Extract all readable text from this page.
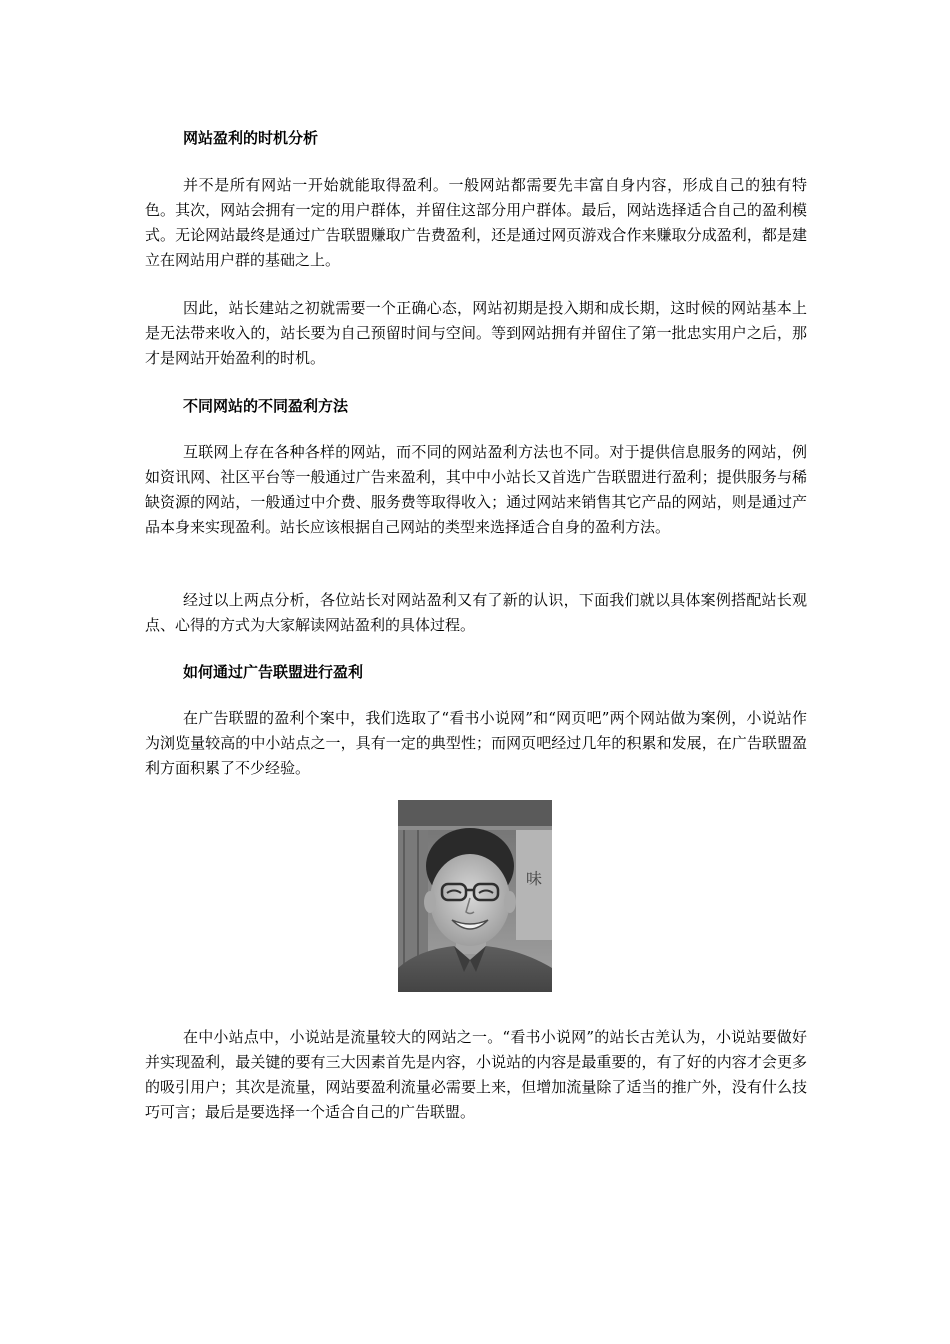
网站盈利的时机分析

并不是所有网站一开始就能取得盈利。一般网站都需要先丰富自身内容，形成自己的独有特色。其次，网站会拥有一定的用户群体，并留住这部分用户群体。最后，网站选择适合自己的盈利模式。无论网站最终是通过广告联盟赚取广告费盈利，还是通过网页游戏合作来赚取分成盈利，都是建立在网站用户群的基础之上。

因此，站长建站之初就需要一个正确心态，网站初期是投入期和成长期，这时候的网站基本上是无法带来收入的，站长要为自己预留时间与空间。等到网站拥有并留住了第一批忠实用户之后，那才是网站开始盈利的时机。

不同网站的不同盈利方法

互联网上存在各种各样的网站，而不同的网站盈利方法也不同。对于提供信息服务的网站，例如资讯网、社区平台等一般通过广告来盈利，其中中小站长又首选广告联盟进行盈利；提供服务与稀缺资源的网站，一般通过中介费、服务费等取得收入；通过网站来销售其它产品的网站，则是通过产品本身来实现盈利。站长应该根据自己网站的类型来选择适合自身的盈利方法。

经过以上两点分析，各位站长对网站盈利又有了新的认识，下面我们就以具体案例搭配站长观点、心得的方式为大家解读网站盈利的具体过程。

如何通过广告联盟进行盈利

在广告联盟的盈利个案中，我们选取了“看书小说网”和“网页吧”两个网站做为案例，小说站作为浏览量较高的中小站点之一，具有一定的典型性；而网页吧经过几年的积累和发展，在广告联盟盈利方面积累了不少经验。

味

在中小站点中，小说站是流量较大的网站之一。“看书小说网”的站长古羌认为，小说站要做好并实现盈利，最关键的要有三大因素首先是内容，小说站的内容是最重要的，有了好的内容才会更多的吸引用户；其次是流量，网站要盈利流量必需要上来，但增加流量除了适当的推广外，没有什么技巧可言；最后是要选择一个适合自己的广告联盟。
